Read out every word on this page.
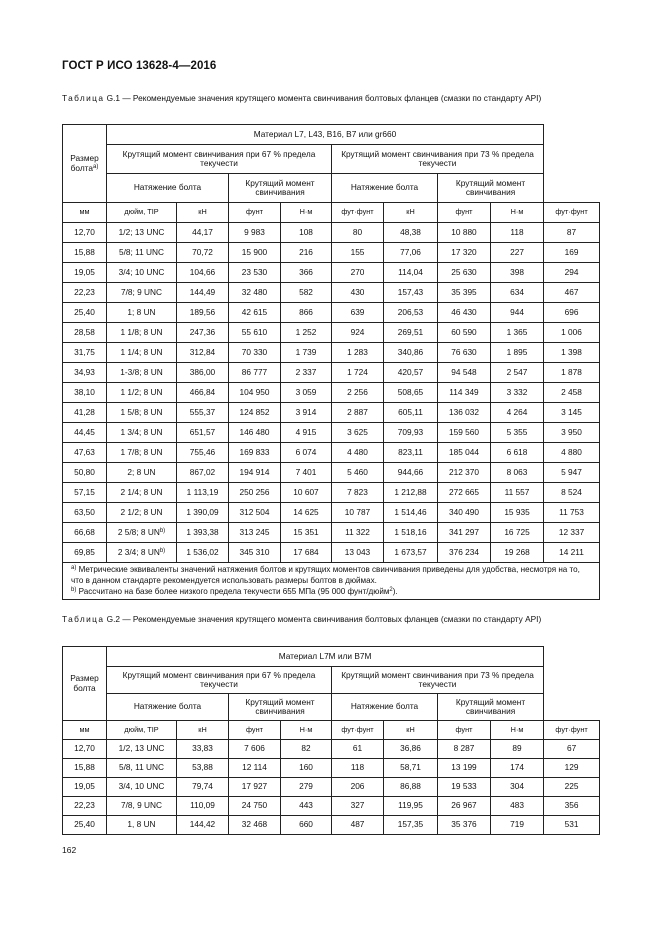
ГОСТ Р ИСО 13628-4—2016
Таблица G.1 — Рекомендуемые значения крутящего момента свинчивания болтовых фланцев (смазки по стандарту API)
Размер болта$^{a)}$	Материал L7, L43, B16, B7 или gr660								
	Крутящий момент свинчивания при 67 % предела текучести				Крутящий момент свинчивания при 73 % предела текучести				
	Натяжение болта		Крутящий момент свинчивания		Натяжение болта		Крутящий момент свинчивания		
мм	дюйм, TIP	кН	фунт	Н·м	фут·фунт	кН	фунт	Н·м	фут·фунт
12,70	1/2; 13 UNC	44,17	9 983	108	80	48,38	10 880	118	87
15,88	5/8; 11 UNC	70,72	15 900	216	155	77,06	17 320	227	169
19,05	3/4; 10 UNC	104,66	23 530	366	270	114,04	25 630	398	294
22,23	7/8; 9 UNC	144,49	32 480	582	430	157,43	35 395	634	467
25,40	1; 8 UN	189,56	42 615	866	639	206,53	46 430	944	696
28,58	1 1/8; 8 UN	247,36	55 610	1 252	924	269,51	60 590	1 365	1 006
31,75	1 1/4; 8 UN	312,84	70 330	1 739	1 283	340,86	76 630	1 895	1 398
34,93	1-3/8; 8 UN	386,00	86 777	2 337	1 724	420,57	94 548	2 547	1 878
38,10	1 1/2; 8 UN	466,84	104 950	3 059	2 256	508,65	114 349	3 332	2 458
41,28	1 5/8; 8 UN	555,37	124 852	3 914	2 887	605,11	136 032	4 264	3 145
44,45	1 3/4; 8 UN	651,57	146 480	4 915	3 625	709,93	159 560	5 355	3 950
47,63	1 7/8; 8 UN	755,46	169 833	6 074	4 480	823,11	185 044	6 618	4 880
50,80	2; 8 UN	867,02	194 914	7 401	5 460	944,66	212 370	8 063	5 947
57,15	2 1/4; 8 UN	1 113,19	250 256	10 607	7 823	1 212,88	272 665	11 557	8 524
63,50	2 1/2; 8 UN	1 390,09	312 504	14 625	10 787	1 514,46	340 490	15 935	11 753
66,68	2 5/8; 8 UN$^{b)}$	1 393,38	313 245	15 351	11 322	1 518,16	341 297	16 725	12 337
69,85	2 3/4; 8 UN$^{b)}$	1 536,02	345 310	17 684	13 043	1 673,57	376 234	19 268	14 211

$^{a)}$ Метрические эквиваленты значений натяжения болтов и крутящих моментов свинчивания приведены для удобства, несмотря на то, что в данном стандарте рекомендуется использовать размеры болтов в дюймах.
$^{b)}$ Рассчитано на базе более низкого предела текучести 655 МПа (95 000 фунт/дюйм$^2$).									
Таблица G.2 — Рекомендуемые значения крутящего момента свинчивания болтовых фланцев (смазки по стандарту API)
Размер болта	Материал L7M или B7M								
	Крутящий момент свинчивания при 67 % предела текучести				Крутящий момент свинчивания при 73 % предела текучести				
	Натяжение болта		Крутящий момент свинчивания		Натяжение болта		Крутящий момент свинчивания		
мм	дюйм, TIP	кН	фунт	Н·м	фут·фунт	кН	фунт	Н·м	фут·фунт
12,70	1/2, 13 UNC	33,83	7 606	82	61	36,86	8 287	89	67
15,88	5/8, 11 UNC	53,88	12 114	160	118	58,71	13 199	174	129
19,05	3/4, 10 UNC	79,74	17 927	279	206	86,88	19 533	304	225
22,23	7/8, 9 UNC	110,09	24 750	443	327	119,95	26 967	483	356
25,40	1, 8 UN	144,42	32 468	660	487	157,35	35 376	719	531
162
